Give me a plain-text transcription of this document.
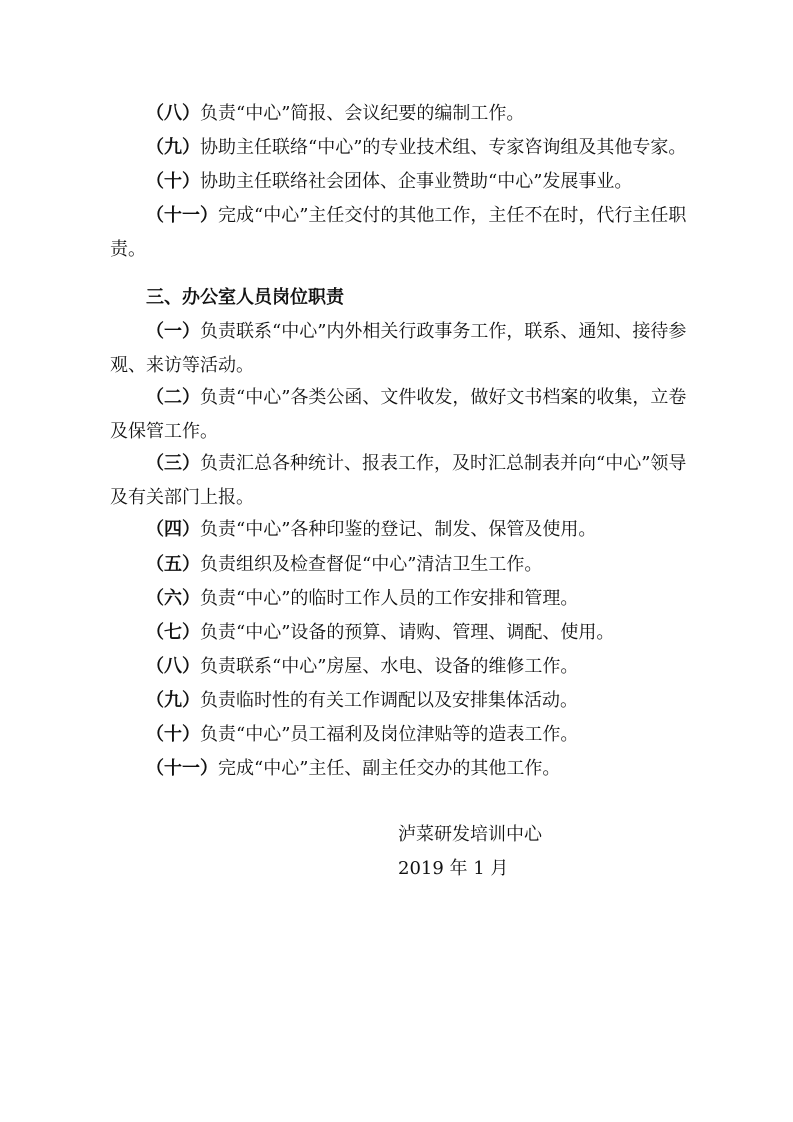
（八）负责“中心”简报、会议纪要的编制工作。

（九）协助主任联络“中心”的专业技术组、专家咨询组及其他专家。

（十）协助主任联络社会团体、企事业赞助“中心”发展事业。

（十一）完成“中心”主任交付的其他工作，主任不在时，代行主任职责。

三、办公室人员岗位职责

（一）负责联系“中心”内外相关行政事务工作，联系、通知、接待参观、来访等活动。

（二）负责“中心”各类公函、文件收发，做好文书档案的收集，立卷及保管工作。

（三）负责汇总各种统计、报表工作，及时汇总制表并向“中心”领导及有关部门上报。

（四）负责“中心”各种印鉴的登记、制发、保管及使用。

（五）负责组织及检查督促“中心”清洁卫生工作。

（六）负责“中心”的临时工作人员的工作安排和管理。

（七）负责“中心”设备的预算、请购、管理、调配、使用。

（八）负责联系“中心”房屋、水电、设备的维修工作。

（九）负责临时性的有关工作调配以及安排集体活动。

（十）负责“中心”员工福利及岗位津贴等的造表工作。

（十一）完成“中心”主任、副主任交办的其他工作。

泸菜研发培训中心

2019 年 1 月
